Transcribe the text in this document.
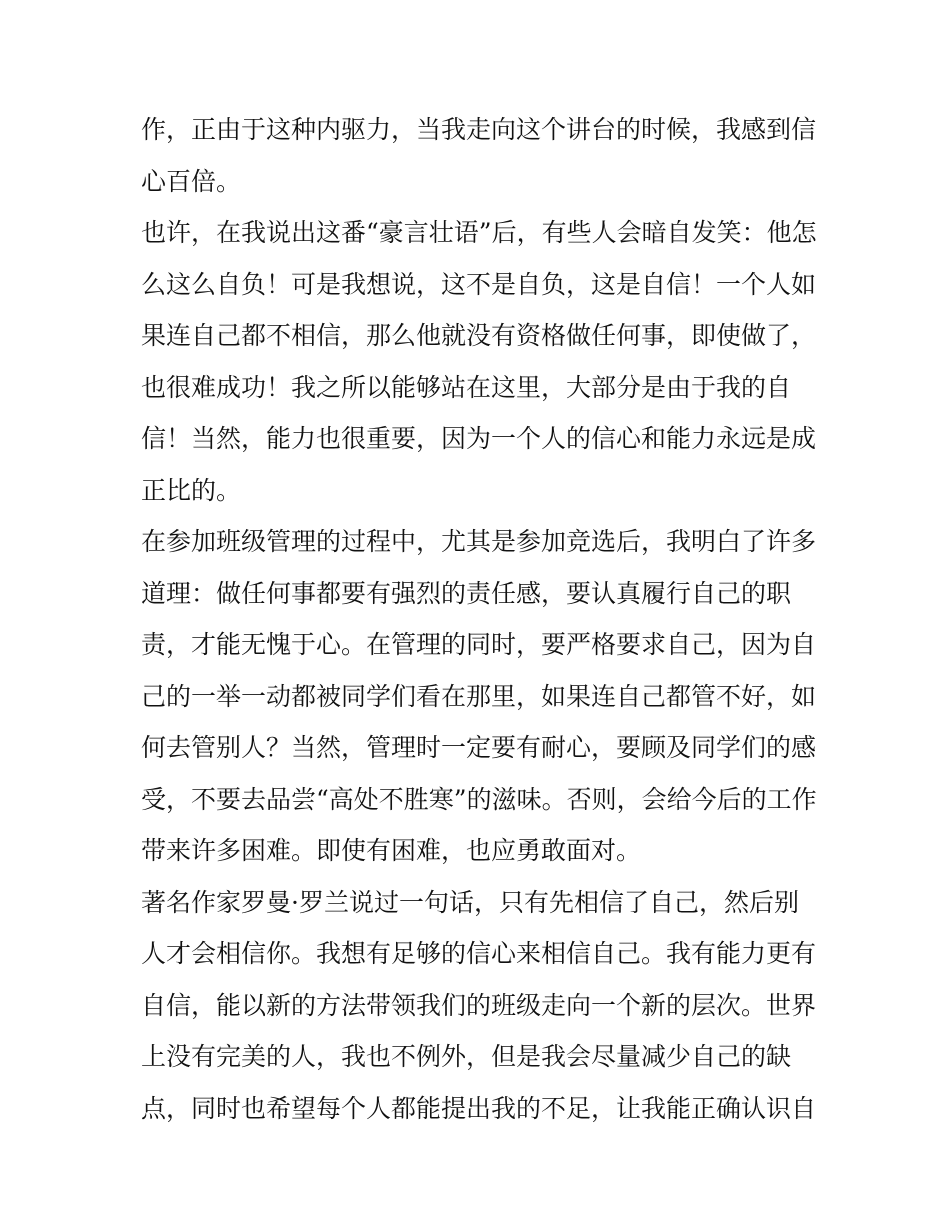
作，正由于这种内驱力，当我走向这个讲台的时候，我感到信
心百倍。
也许，在我说出这番“豪言壮语”后，有些人会暗自发笑：他怎
么这么自负！可是我想说，这不是自负，这是自信！一个人如
果连自己都不相信，那么他就没有资格做任何事，即使做了，
也很难成功！我之所以能够站在这里，大部分是由于我的自
信！当然，能力也很重要，因为一个人的信心和能力永远是成
正比的。
在参加班级管理的过程中，尤其是参加竞选后，我明白了许多
道理：做任何事都要有强烈的责任感，要认真履行自己的职
责，才能无愧于心。在管理的同时，要严格要求自己，因为自
己的一举一动都被同学们看在那里，如果连自己都管不好，如
何去管别人？当然，管理时一定要有耐心，要顾及同学们的感
受，不要去品尝“高处不胜寒”的滋味。否则，会给今后的工作
带来许多困难。即使有困难，也应勇敢面对。
著名作家罗曼·罗兰说过一句话，只有先相信了自己，然后别
人才会相信你。我想有足够的信心来相信自己。我有能力更有
自信，能以新的方法带领我们的班级走向一个新的层次。世界
上没有完美的人，我也不例外，但是我会尽量减少自己的缺
点，同时也希望每个人都能提出我的不足，让我能正确认识自
